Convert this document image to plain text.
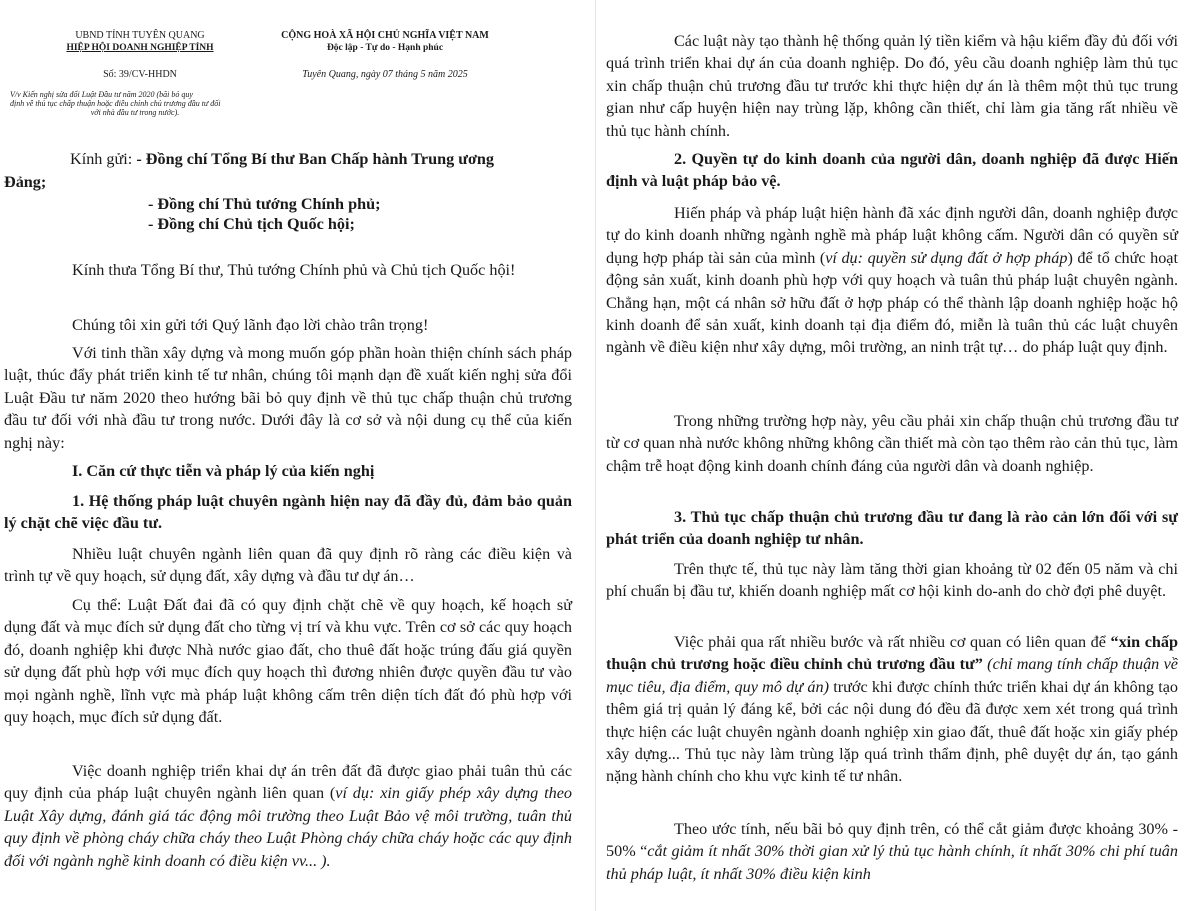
UBND TỈNH TUYÊN QUANG
HIỆP HỘI DOANH NGHIỆP TỈNH
Số: 39/CV-HHDN
V/v Kiến nghị sửa đổi Luật Đầu tư năm 2020 (bãi bỏ quy
định về thủ tục chấp thuận hoặc điều chỉnh chủ trương đầu tư đối
với nhà đầu tư trong nước).
CỘNG HOÀ XÃ HỘI CHỦ NGHĨA VIỆT NAM
Độc lập - Tự do - Hạnh phúc
Tuyên Quang, ngày 07 tháng 5 năm 2025
Kính gửi: - Đồng chí Tổng Bí thư Ban Chấp hành Trung ương
Đảng;
- Đồng chí Thủ tướng Chính phủ;
- Đồng chí Chủ tịch Quốc hội;

Kính thưa Tổng Bí thư, Thủ tướng Chính phủ và Chủ tịch Quốc hội!

Chúng tôi xin gửi tới Quý lãnh đạo lời chào trân trọng!

Với tinh thần xây dựng và mong muốn góp phần hoàn thiện chính sách pháp luật, thúc đẩy phát triển kinh tế tư nhân, chúng tôi mạnh dạn đề xuất kiến nghị sửa đổi Luật Đầu tư năm 2020 theo hướng bãi bỏ quy định về thủ tục chấp thuận chủ trương đầu tư đối với nhà đầu tư trong nước. Dưới đây là cơ sở và nội dung cụ thể của kiến nghị này:

I. Căn cứ thực tiễn và pháp lý của kiến nghị
1. Hệ thống pháp luật chuyên ngành hiện nay đã đầy đủ, đảm bảo quản lý chặt chẽ việc đầu tư.

Nhiều luật chuyên ngành liên quan đã quy định rõ ràng các điều kiện và trình tự về quy hoạch, sử dụng đất, xây dựng và đầu tư dự án…

Cụ thể: Luật Đất đai đã có quy định chặt chẽ về quy hoạch, kế hoạch sử dụng đất và mục đích sử dụng đất cho từng vị trí và khu vực. Trên cơ sở các quy hoạch đó, doanh nghiệp khi được Nhà nước giao đất, cho thuê đất hoặc trúng đấu giá quyền sử dụng đất phù hợp với mục đích quy hoạch thì đương nhiên được quyền đầu tư vào mọi ngành nghề, lĩnh vực mà pháp luật không cấm trên diện tích đất đó phù hợp với quy hoạch, mục đích sử dụng đất.

Việc doanh nghiệp triển khai dự án trên đất đã được giao phải tuân thủ các quy định của pháp luật chuyên ngành liên quan (ví dụ: xin giấy phép xây dựng theo Luật Xây dựng, đánh giá tác động môi trường theo Luật Bảo vệ môi trường, tuân thủ quy định về phòng cháy chữa cháy theo Luật Phòng cháy chữa cháy hoặc các quy định đối với ngành nghề kinh doanh có điều kiện vv... ).

Các luật này tạo thành hệ thống quản lý tiền kiểm và hậu kiểm đầy đủ đối với quá trình triển khai dự án của doanh nghiệp. Do đó, yêu cầu doanh nghiệp làm thủ tục xin chấp thuận chủ trương đầu tư trước khi thực hiện dự án là thêm một thủ tục trung gian như cấp huyện hiện nay trùng lặp, không cần thiết, chỉ làm gia tăng rất nhiều về thủ tục hành chính.

2. Quyền tự do kinh doanh của người dân, doanh nghiệp đã được Hiến định và luật pháp bảo vệ.

Hiến pháp và pháp luật hiện hành đã xác định người dân, doanh nghiệp được tự do kinh doanh những ngành nghề mà pháp luật không cấm. Người dân có quyền sử dụng hợp pháp tài sản của mình (ví dụ: quyền sử dụng đất ở hợp pháp) để tổ chức hoạt động sản xuất, kinh doanh phù hợp với quy hoạch và tuân thủ pháp luật chuyên ngành. Chẳng hạn, một cá nhân sở hữu đất ở hợp pháp có thể thành lập doanh nghiệp hoặc hộ kinh doanh để sản xuất, kinh doanh tại địa điểm đó, miễn là tuân thủ các luật chuyên ngành về điều kiện như xây dựng, môi trường, an ninh trật tự… do pháp luật quy định.

Trong những trường hợp này, yêu cầu phải xin chấp thuận chủ trương đầu tư từ cơ quan nhà nước không những không cần thiết mà còn tạo thêm rào cản thủ tục, làm chậm trễ hoạt động kinh doanh chính đáng của người dân và doanh nghiệp.

3. Thủ tục chấp thuận chủ trương đầu tư đang là rào cản lớn đối với sự phát triển của doanh nghiệp tư nhân.

Trên thực tế, thủ tục này làm tăng thời gian khoảng từ 02 đến 05 năm và chi phí chuẩn bị đầu tư, khiến doanh nghiệp mất cơ hội kinh do-anh do chờ đợi phê duyệt.

Việc phải qua rất nhiều bước và rất nhiều cơ quan có liên quan để “xin chấp thuận chủ trương hoặc điều chỉnh chủ trương đầu tư” (chỉ mang tính chấp thuận về mục tiêu, địa điểm, quy mô dự án) trước khi được chính thức triển khai dự án không tạo thêm giá trị quản lý đáng kể, bởi các nội dung đó đều đã được xem xét trong quá trình thực hiện các luật chuyên ngành doanh nghiệp xin giao đất, thuê đất hoặc xin giấy phép xây dựng... Thủ tục này làm trùng lặp quá trình thẩm định, phê duyệt dự án, tạo gánh nặng hành chính cho khu vực kinh tế tư nhân.

Theo ước tính, nếu bãi bỏ quy định trên, có thể cắt giảm được khoảng 30% - 50% “cắt giảm ít nhất 30% thời gian xử lý thủ tục hành chính, ít nhất 30% chi phí tuân thủ pháp luật, ít nhất 30% điều kiện kinh
